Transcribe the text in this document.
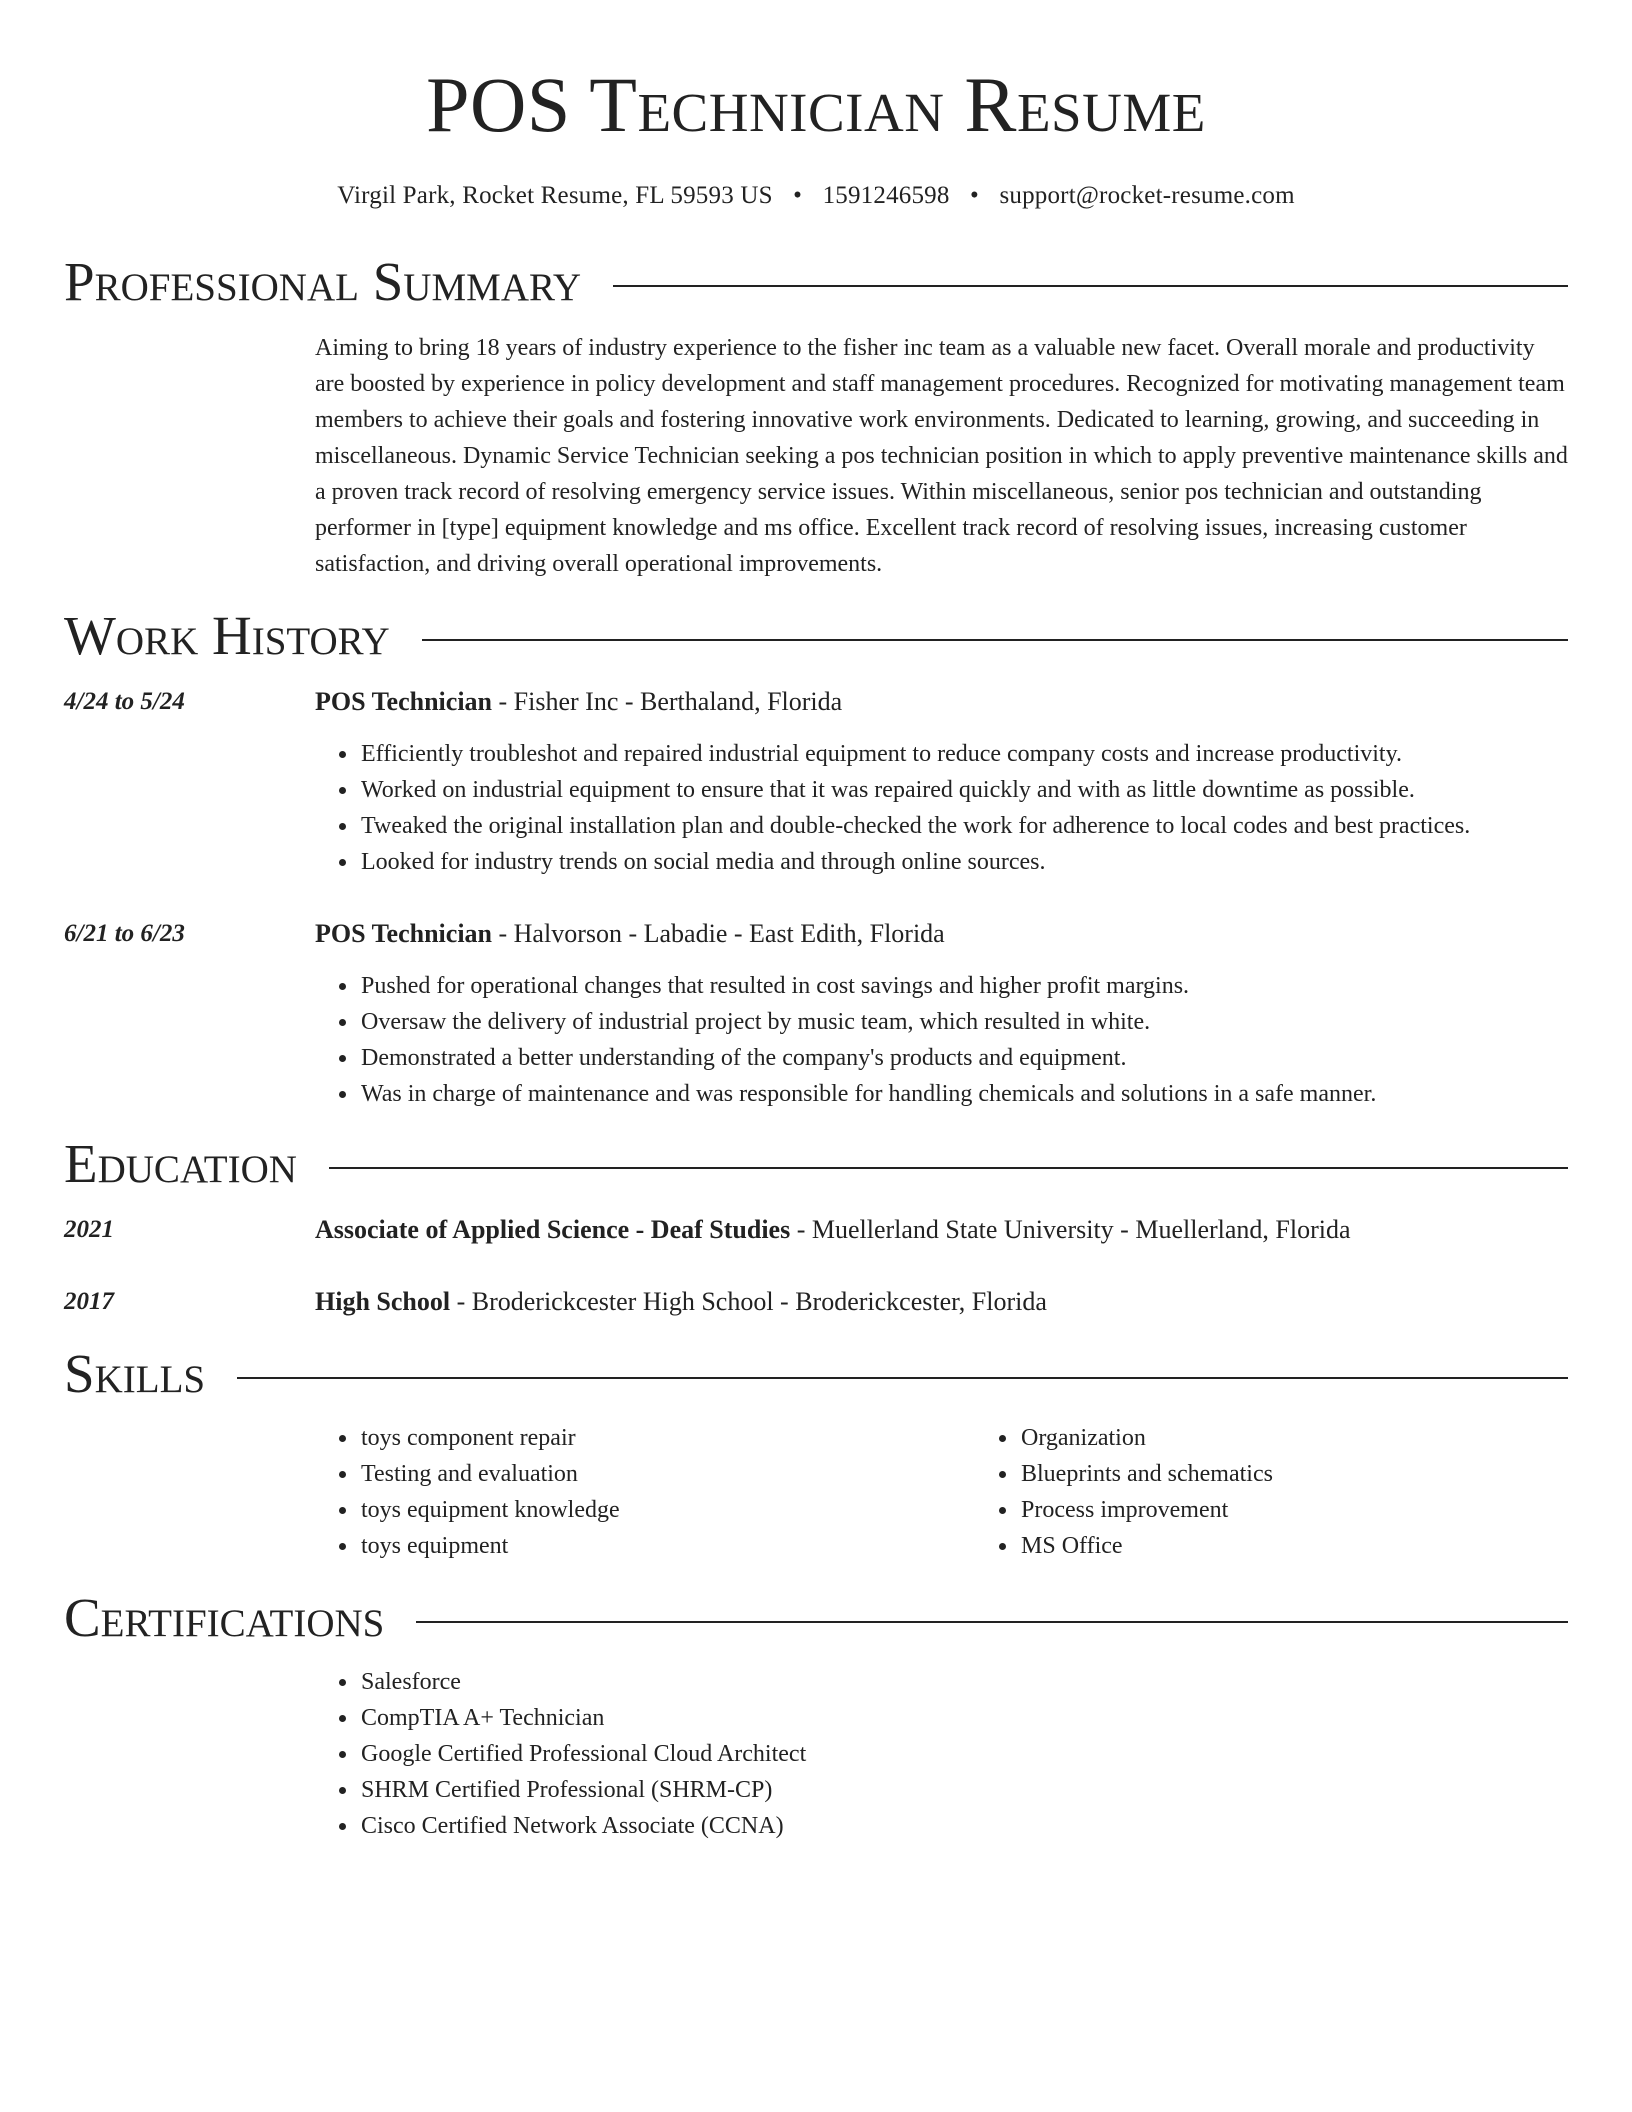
POS Technician Resume
Virgil Park, Rocket Resume, FL 59593 US • 1591246598 • support@rocket-resume.com
Professional Summary
Aiming to bring 18 years of industry experience to the fisher inc team as a valuable new facet. Overall morale and productivity are boosted by experience in policy development and staff management procedures. Recognized for motivating management team members to achieve their goals and fostering innovative work environments. Dedicated to learning, growing, and succeeding in miscellaneous. Dynamic Service Technician seeking a pos technician position in which to apply preventive maintenance skills and a proven track record of resolving emergency service issues. Within miscellaneous, senior pos technician and outstanding performer in [type] equipment knowledge and ms office. Excellent track record of resolving issues, increasing customer satisfaction, and driving overall operational improvements.
Work History
4/24 to 5/24	POS Technician - Fisher Inc - Berthaland, Florida
• Efficiently troubleshot and repaired industrial equipment to reduce company costs and increase productivity.
• Worked on industrial equipment to ensure that it was repaired quickly and with as little downtime as possible.
• Tweaked the original installation plan and double-checked the work for adherence to local codes and best practices.
• Looked for industry trends on social media and through online sources.
6/21 to 6/23	POS Technician - Halvorson - Labadie - East Edith, Florida
• Pushed for operational changes that resulted in cost savings and higher profit margins.
• Oversaw the delivery of industrial project by music team, which resulted in white.
• Demonstrated a better understanding of the company's products and equipment.
• Was in charge of maintenance and was responsible for handling chemicals and solutions in a safe manner.
Education
2021	Associate of Applied Science - Deaf Studies - Muellerland State University - Muellerland, Florida
2017	High School - Broderickcester High School - Broderickcester, Florida
Skills
• toys component repair
• Testing and evaluation
• toys equipment knowledge
• toys equipment
• Organization
• Blueprints and schematics
• Process improvement
• MS Office
Certifications
• Salesforce
• CompTIA A+ Technician
• Google Certified Professional Cloud Architect
• SHRM Certified Professional (SHRM-CP)
• Cisco Certified Network Associate (CCNA)
